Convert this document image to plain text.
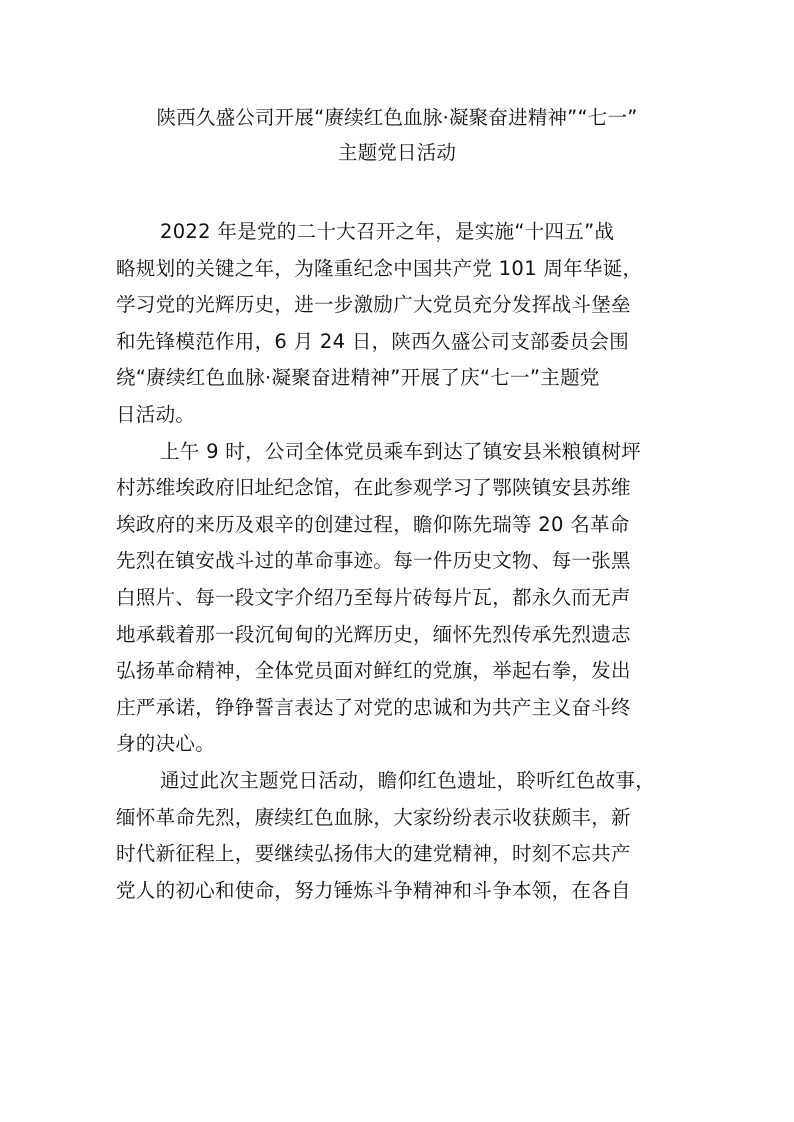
陕西久盛公司开展“赓续红色血脉·凝聚奋进精神”“七一”
主题党日活动
2022 年是党的二十大召开之年，是实施“十四五”战
略规划的关键之年，为隆重纪念中国共产党 101 周年华诞，
学习党的光辉历史，进一步激励广大党员充分发挥战斗堡垒
和先锋模范作用，6 月 24 日，陕西久盛公司支部委员会围
绕“赓续红色血脉·凝聚奋进精神”开展了庆“七一”主题党
日活动。
上午 9 时，公司全体党员乘车到达了镇安县米粮镇树坪
村苏维埃政府旧址纪念馆，在此参观学习了鄂陕镇安县苏维
埃政府的来历及艰辛的创建过程，瞻仰陈先瑞等 20 名革命
先烈在镇安战斗过的革命事迹。每一件历史文物、每一张黑
白照片、每一段文字介绍乃至每片砖每片瓦，都永久而无声
地承载着那一段沉甸甸的光辉历史，缅怀先烈传承先烈遗志
弘扬革命精神，全体党员面对鲜红的党旗，举起右拳，发出
庄严承诺，铮铮誓言表达了对党的忠诚和为共产主义奋斗终
身的决心。
通过此次主题党日活动，瞻仰红色遗址，聆听红色故事，
缅怀革命先烈，赓续红色血脉，大家纷纷表示收获颇丰，新
时代新征程上，要继续弘扬伟大的建党精神，时刻不忘共产
党人的初心和使命，努力锤炼斗争精神和斗争本领，在各自
